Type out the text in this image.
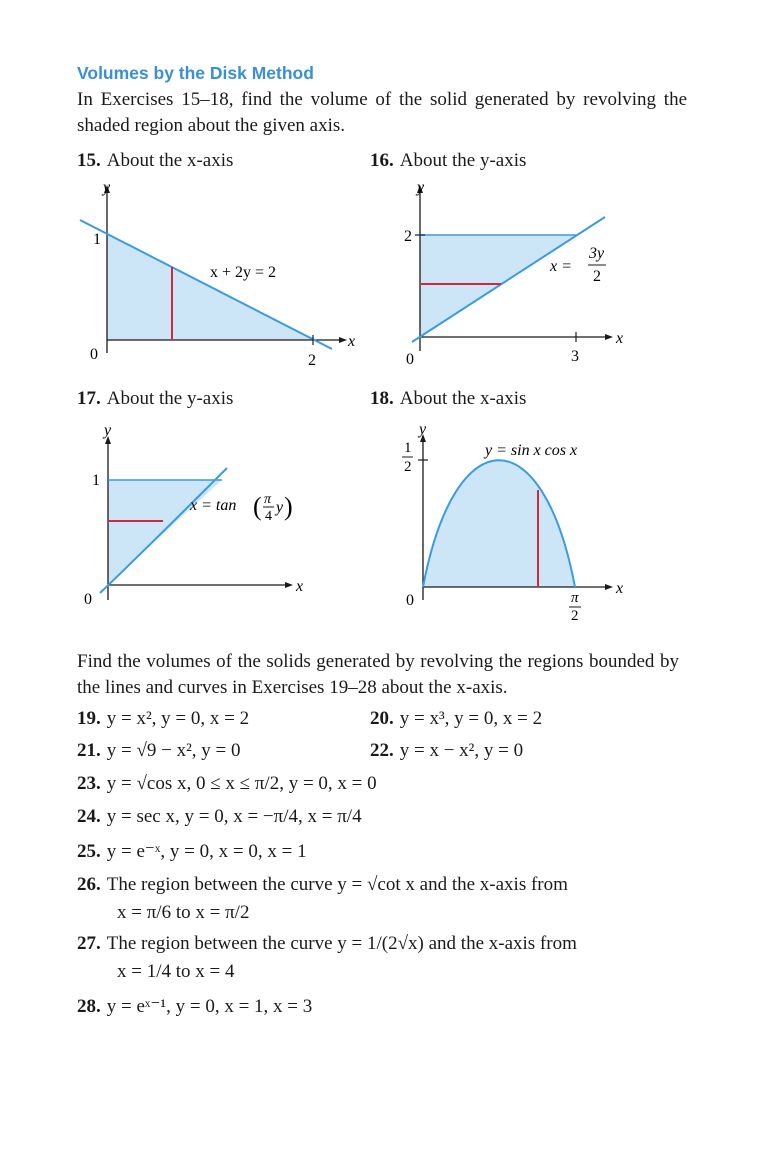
Volumes by the Disk Method
In Exercises 15–18, find the volume of the solid generated by revolving the shaded region about the given axis.
15. About the x-axis	16. About the y-axis
17. About the y-axis	18. About the x-axis
y
x
1
2
0
x + 2y = 2
y
x
2
3
0
x =
3y
2
y
x
1
0
x = tan ( π
4
y )
y
x
1
2
π
2
0
y = sin x cos x
Find the volumes of the solids generated by revolving the regions bounded by the lines and curves in Exercises 19–28 about the x-axis.
19. y = x², y = 0, x = 2	20. y = x³, y = 0, x = 2
21. y = √9 − x², y = 0	22. y = x − x², y = 0
23. y = √cos x, 0 ≤ x ≤ π/2, y = 0, x = 0
24. y = sec x, y = 0, x = −π/4, x = π/4
25. y = e⁻ˣ, y = 0, x = 0, x = 1
26. The region between the curve y = √cot x and the x-axis from
x = π/6 to x = π/2
27. The region between the curve y = 1/(2√x) and the x-axis from
x = 1/4 to x = 4
28. y = eˣ⁻¹, y = 0, x = 1, x = 3
